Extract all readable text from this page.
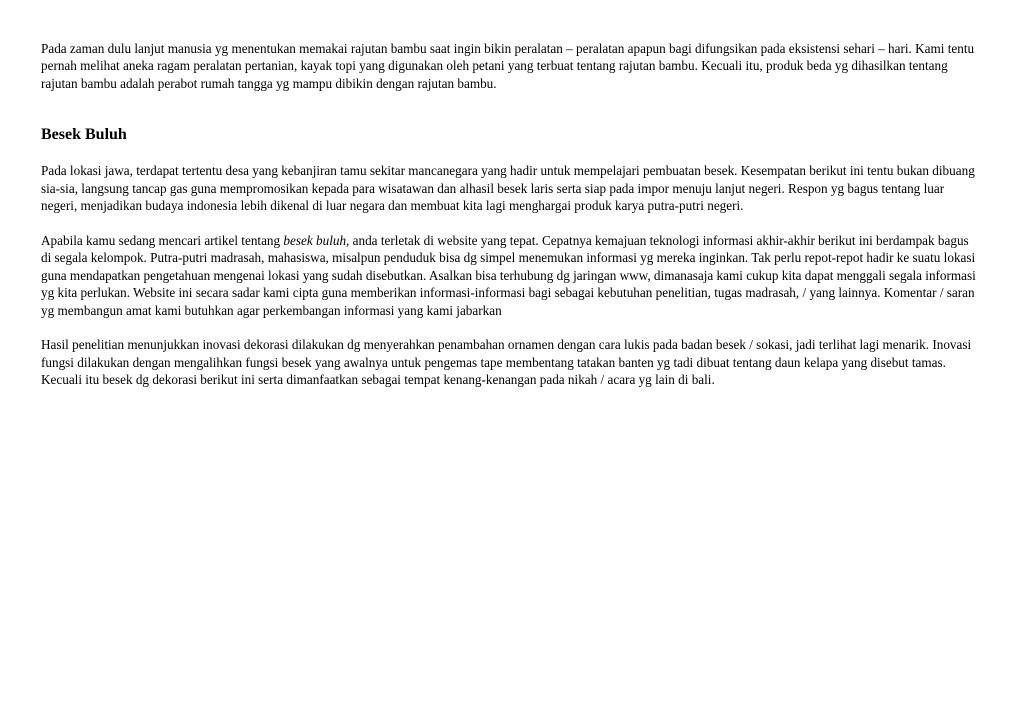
Pada zaman dulu lanjut manusia yg menentukan memakai rajutan bambu saat ingin bikin peralatan – peralatan apapun bagi difungsikan pada eksistensi sehari – hari. Kami tentu pernah melihat aneka ragam peralatan pertanian, kayak topi yang digunakan oleh petani yang terbuat tentang rajutan bambu. Kecuali itu, produk beda yg dihasilkan tentang rajutan bambu adalah perabot rumah tangga yg mampu dibikin dengan rajutan bambu.

Besek Buluh

Pada lokasi jawa, terdapat tertentu desa yang kebanjiran tamu sekitar mancanegara yang hadir untuk mempelajari pembuatan besek. Kesempatan berikut ini tentu bukan dibuang sia-sia, langsung tancap gas guna mempromosikan kepada para wisatawan dan alhasil besek laris serta siap pada impor menuju lanjut negeri. Respon yg bagus tentang luar negeri, menjadikan budaya indonesia lebih dikenal di luar negara dan membuat kita lagi menghargai produk karya putra-putri negeri.

Apabila kamu sedang mencari artikel tentang besek buluh, anda terletak di website yang tepat. Cepatnya kemajuan teknologi informasi akhir-akhir berikut ini berdampak bagus di segala kelompok. Putra-putri madrasah, mahasiswa, misalpun penduduk bisa dg simpel menemukan informasi yg mereka inginkan. Tak perlu repot-repot hadir ke suatu lokasi guna mendapatkan pengetahuan mengenai lokasi yang sudah disebutkan. Asalkan bisa terhubung dg jaringan www, dimanasaja kami cukup kita dapat menggali segala informasi yg kita perlukan. Website ini secara sadar kami cipta guna memberikan informasi-informasi bagi sebagai kebutuhan penelitian, tugas madrasah, / yang lainnya. Komentar / saran yg membangun amat kami butuhkan agar perkembangan informasi yang kami jabarkan

Hasil penelitian menunjukkan inovasi dekorasi dilakukan dg menyerahkan penambahan ornamen dengan cara lukis pada badan besek / sokasi, jadi terlihat lagi menarik. Inovasi fungsi dilakukan dengan mengalihkan fungsi besek yang awalnya untuk pengemas tape membentang tatakan banten yg tadi dibuat tentang daun kelapa yang disebut tamas. Kecuali itu besek dg dekorasi berikut ini serta dimanfaatkan sebagai tempat kenang-kenangan pada nikah / acara yg lain di bali.
